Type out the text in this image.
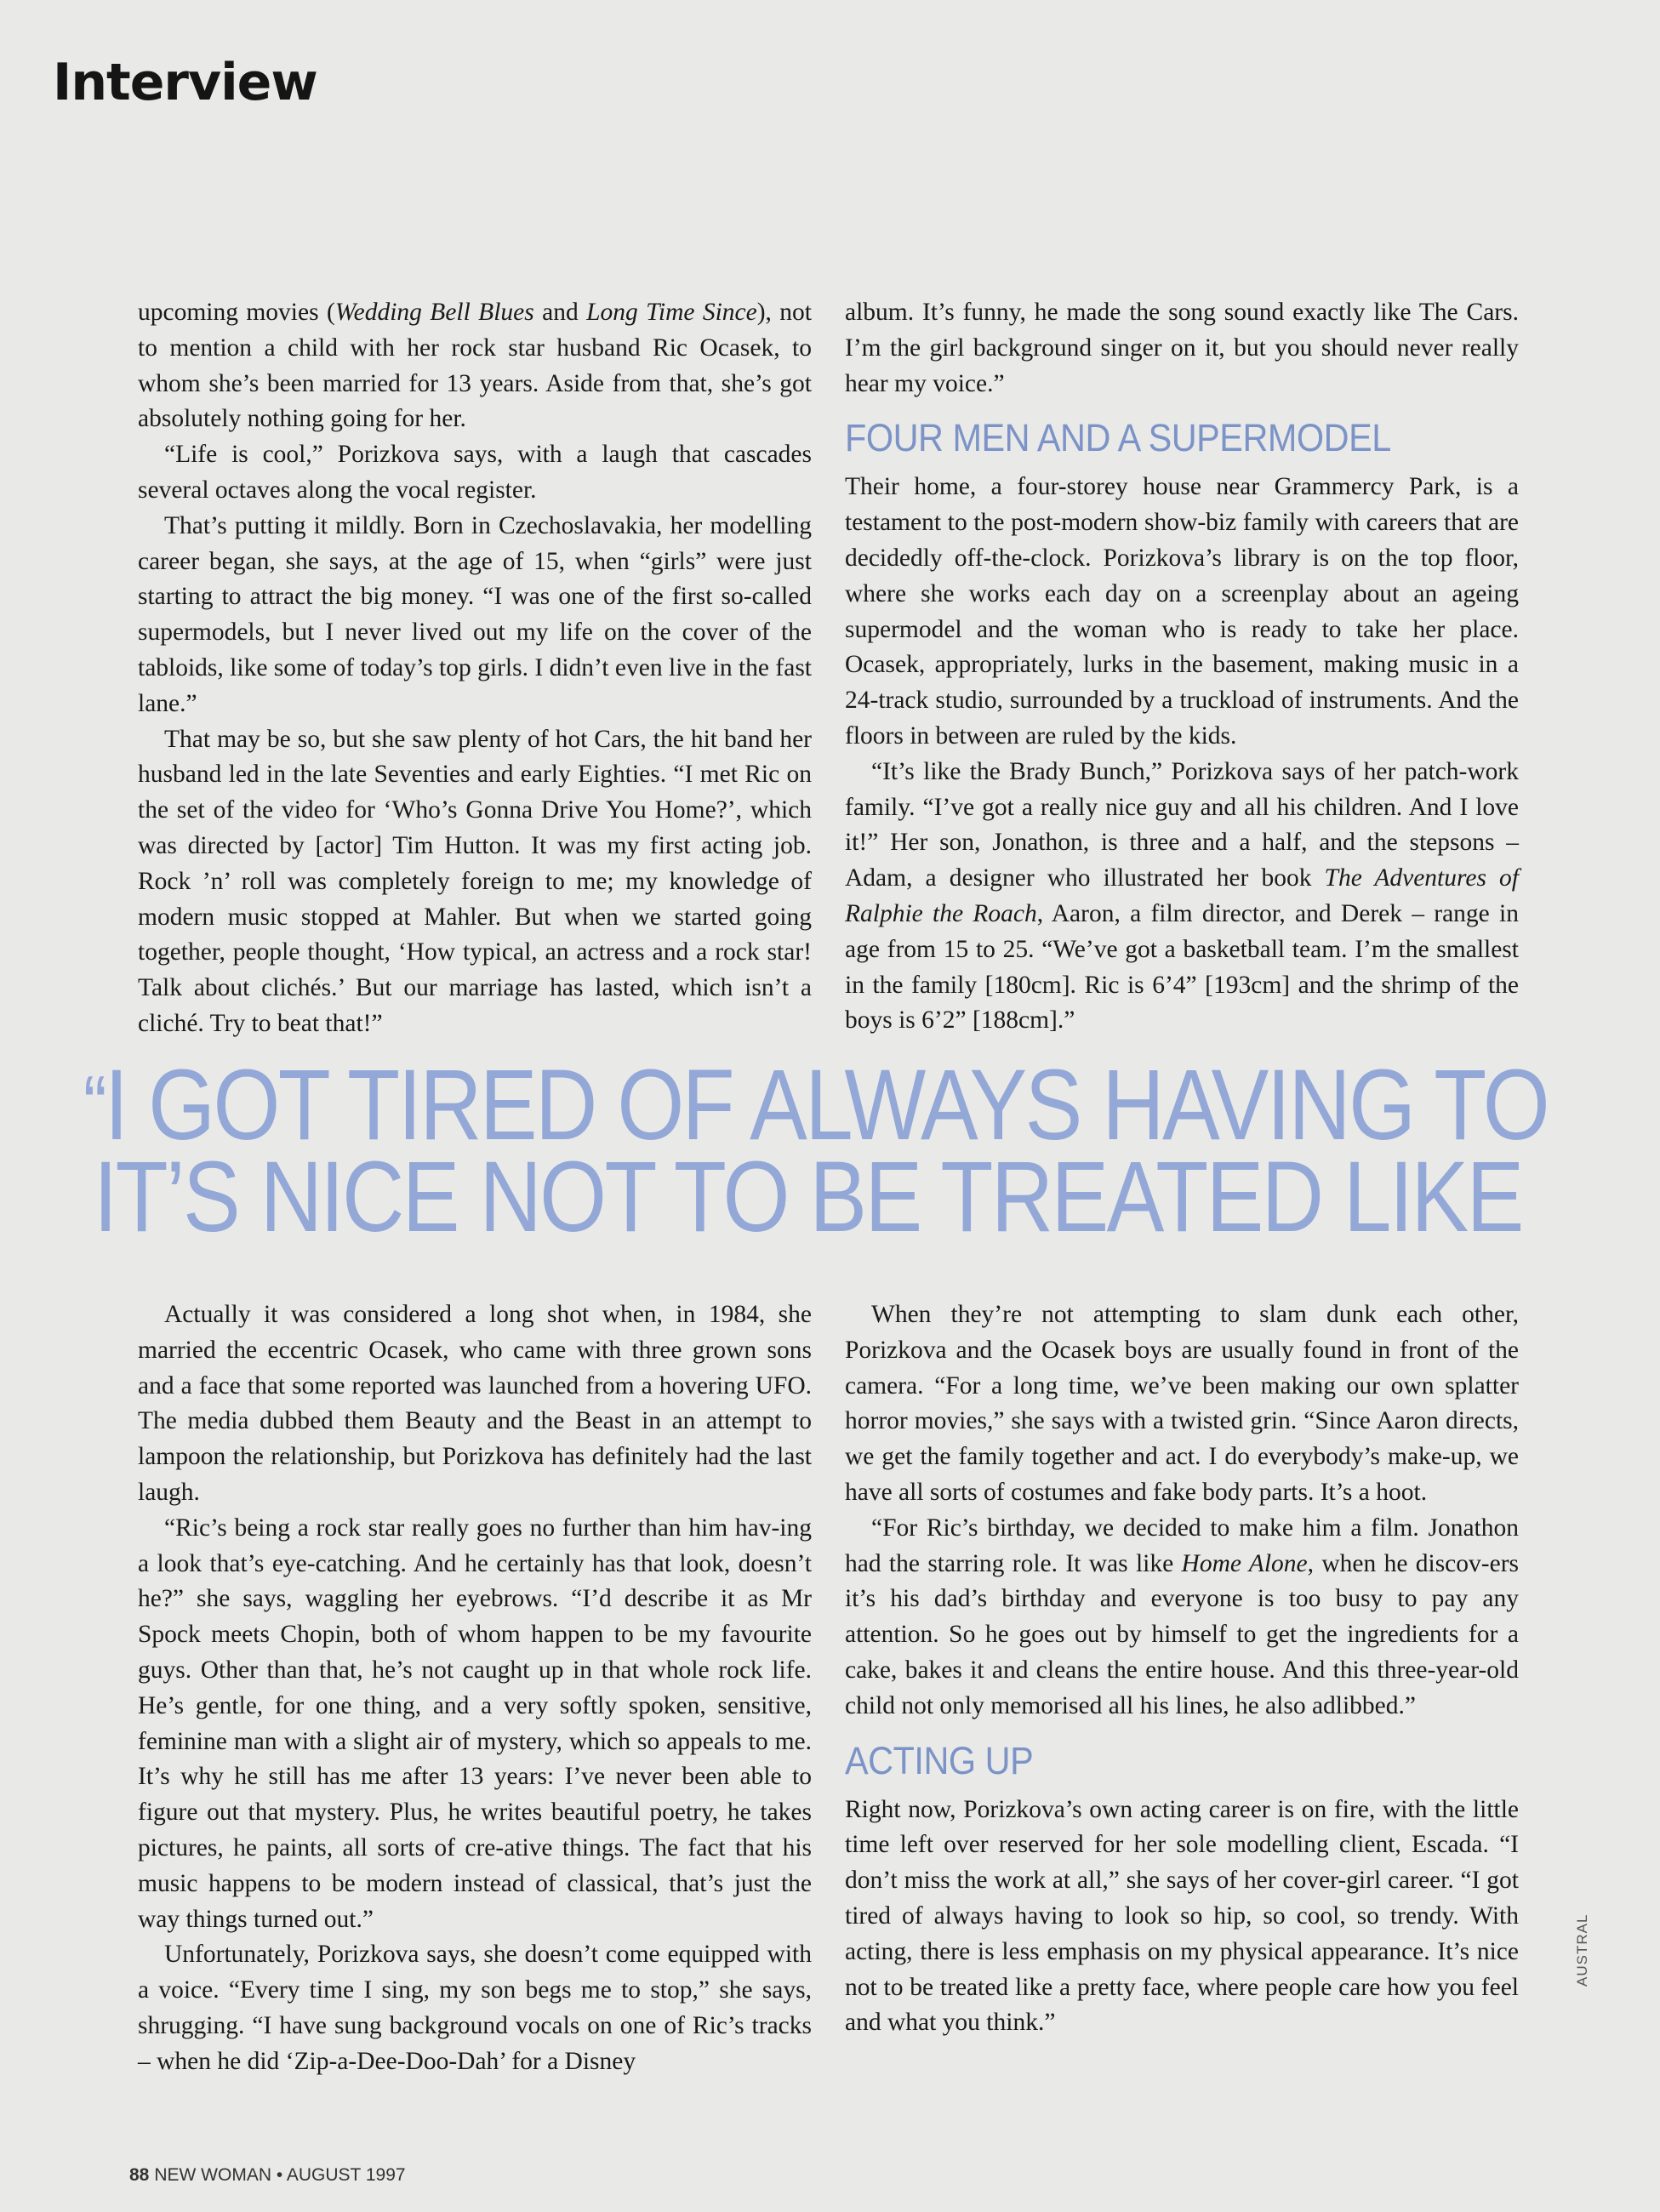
Interview

upcoming movies (Wedding Bell Blues and Long Time Since), not to mention a child with her rock star husband Ric Ocasek, to whom she’s been married for 13 years. Aside from that, she’s got absolutely nothing going for her.

“Life is cool,” Porizkova says, with a laugh that cascades several octaves along the vocal register.

That’s putting it mildly. Born in Czechoslavakia, her modelling career began, she says, at the age of 15, when “girls” were just starting to attract the big money. “I was one of the first so-called supermodels, but I never lived out my life on the cover of the tabloids, like some of today’s top girls. I didn’t even live in the fast lane.”

That may be so, but she saw plenty of hot Cars, the hit band her husband led in the late Seventies and early Eighties. “I met Ric on the set of the video for ‘Who’s Gonna Drive You Home?’, which was directed by [actor] Tim Hutton. It was my first acting job. Rock ’n’ roll was completely foreign to me; my knowledge of modern music stopped at Mahler. But when we started going together, people thought, ‘How typical, an actress and a rock star! Talk about clichés.’ But our marriage has lasted, which isn’t a cliché. Try to beat that!”

album. It’s funny, he made the song sound exactly like The Cars. I’m the girl background singer on it, but you should never really hear my voice.”

FOUR MEN AND A SUPERMODEL

Their home, a four-storey house near Grammercy Park, is a testament to the post-modern show-biz family with careers that are decidedly off-the-clock. Porizkova’s library is on the top floor, where she works each day on a screenplay about an ageing supermodel and the woman who is ready to take her place. Ocasek, appropriately, lurks in the basement, making music in a 24-track studio, surrounded by a truckload of instruments. And the floors in between are ruled by the kids.

“It’s like the Brady Bunch,” Porizkova says of her patch-work family. “I’ve got a really nice guy and all his children. And I love it!” Her son, Jonathon, is three and a half, and the stepsons – Adam, a designer who illustrated her book The Adventures of Ralphie the Roach, Aaron, a film director, and Derek – range in age from 15 to 25. “We’ve got a basketball team. I’m the smallest in the family [180cm]. Ric is 6’4” [193cm] and the shrimp of the boys is 6’2” [188cm].”

“I GOT TIRED OF ALWAYS HAVING TO
IT’S NICE NOT TO BE TREATED LIKE

Actually it was considered a long shot when, in 1984, she married the eccentric Ocasek, who came with three grown sons and a face that some reported was launched from a hovering UFO. The media dubbed them Beauty and the Beast in an attempt to lampoon the relationship, but Porizkova has definitely had the last laugh.

“Ric’s being a rock star really goes no further than him hav-ing a look that’s eye-catching. And he certainly has that look, doesn’t he?” she says, waggling her eyebrows. “I’d describe it as Mr Spock meets Chopin, both of whom happen to be my favourite guys. Other than that, he’s not caught up in that whole rock life. He’s gentle, for one thing, and a very softly spoken, sensitive, feminine man with a slight air of mystery, which so appeals to me. It’s why he still has me after 13 years: I’ve never been able to figure out that mystery. Plus, he writes beautiful poetry, he takes pictures, he paints, all sorts of cre-ative things. The fact that his music happens to be modern instead of classical, that’s just the way things turned out.”

Unfortunately, Porizkova says, she doesn’t come equipped with a voice. “Every time I sing, my son begs me to stop,” she says, shrugging. “I have sung background vocals on one of Ric’s tracks – when he did ‘Zip-a-Dee-Doo-Dah’ for a Disney

When they’re not attempting to slam dunk each other, Porizkova and the Ocasek boys are usually found in front of the camera. “For a long time, we’ve been making our own splatter horror movies,” she says with a twisted grin. “Since Aaron directs, we get the family together and act. I do everybody’s make-up, we have all sorts of costumes and fake body parts. It’s a hoot.

“For Ric’s birthday, we decided to make him a film. Jonathon had the starring role. It was like Home Alone, when he discov-ers it’s his dad’s birthday and everyone is too busy to pay any attention. So he goes out by himself to get the ingredients for a cake, bakes it and cleans the entire house. And this three-year-old child not only memorised all his lines, he also adlibbed.”

ACTING UP

Right now, Porizkova’s own acting career is on fire, with the little time left over reserved for her sole modelling client, Escada. “I don’t miss the work at all,” she says of her cover-girl career. “I got tired of always having to look so hip, so cool, so trendy. With acting, there is less emphasis on my physical appearance. It’s nice not to be treated like a pretty face, where people care how you feel and what you think.”

88 NEW WOMAN • AUGUST 1997
AUSTRAL
